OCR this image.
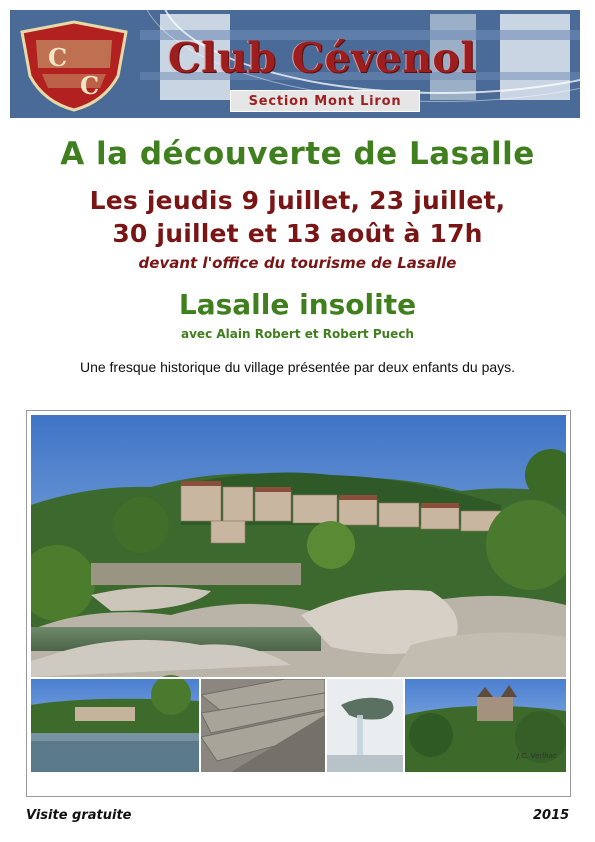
C
C
Club Cévenol
Section Mont Liron
A la découverte de Lasalle
Les jeudis 9 juillet, 23 juillet,
30 juillet et 13 août à 17h
devant l'office du tourisme de Lasalle
Lasalle insolite
avec Alain Robert et Robert Puech
Une fresque historique du village présentée par deux enfants du pays.
J.C. Verlhac
Visite gratuite	2015
